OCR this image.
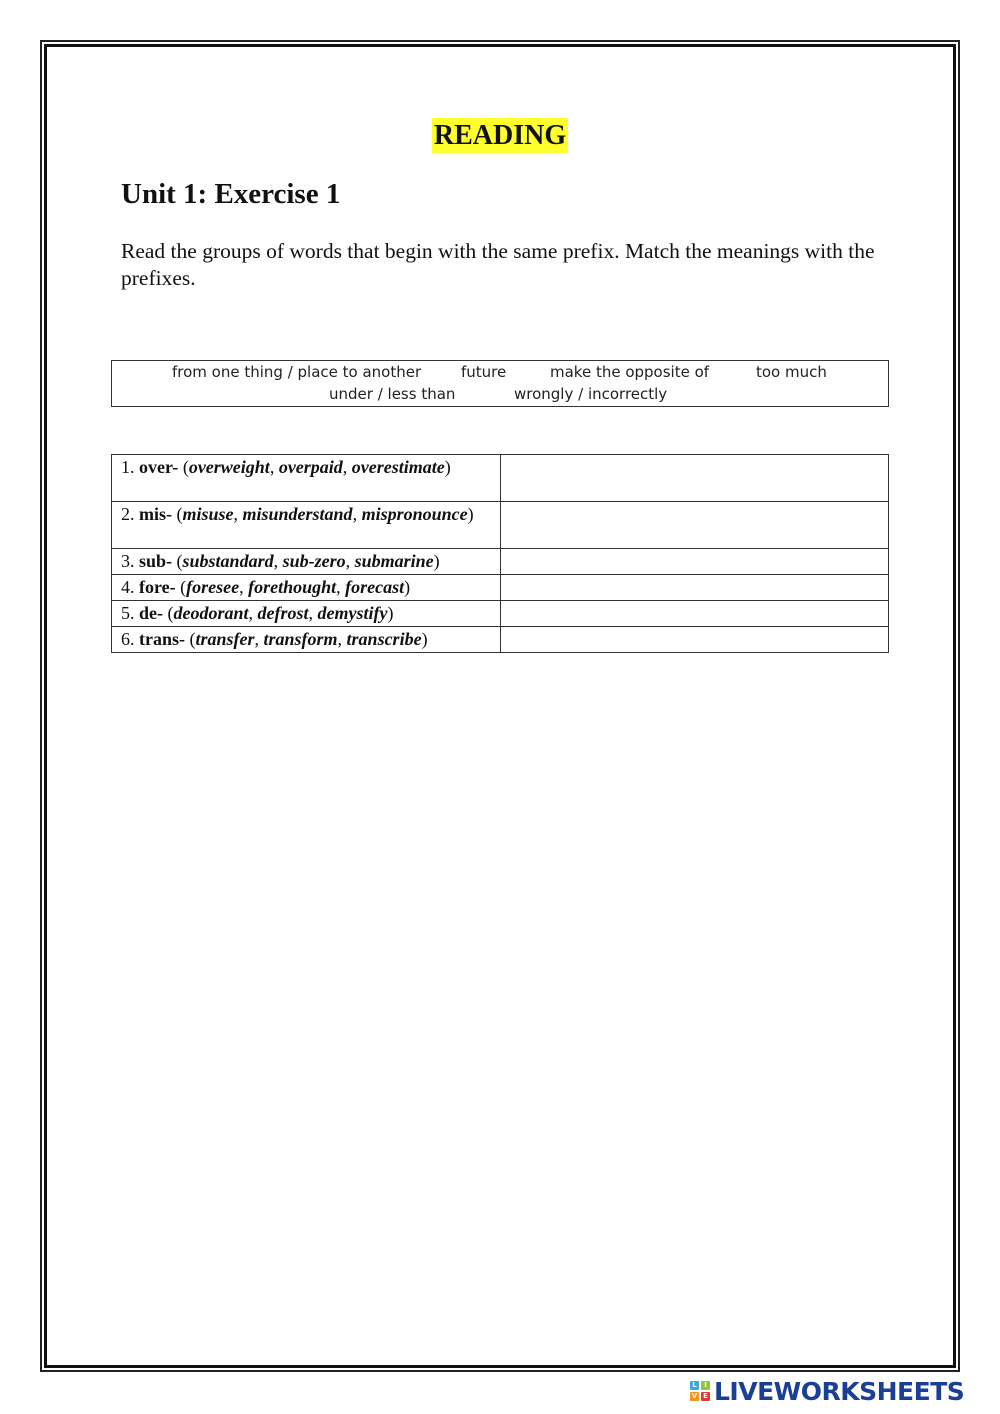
READING
Unit 1: Exercise 1

Read the groups of words that begin with the same prefix. Match the meanings with the prefixes.

from one thing / place to another	future	make the opposite of	too much
under / less than	wrongly / incorrectly
1. over- (overweight, overpaid, overestimate)	
2. mis- (misuse, misunderstand, mispronounce)	
3. sub- (substandard, sub-zero, submarine)	
4. fore- (foresee, forethought, forecast)	
5. de- (deodorant, defrost, demystify)	
6. trans- (transfer, transform, transcribe)	
L	I
V E LIVEWORKSHEETS
